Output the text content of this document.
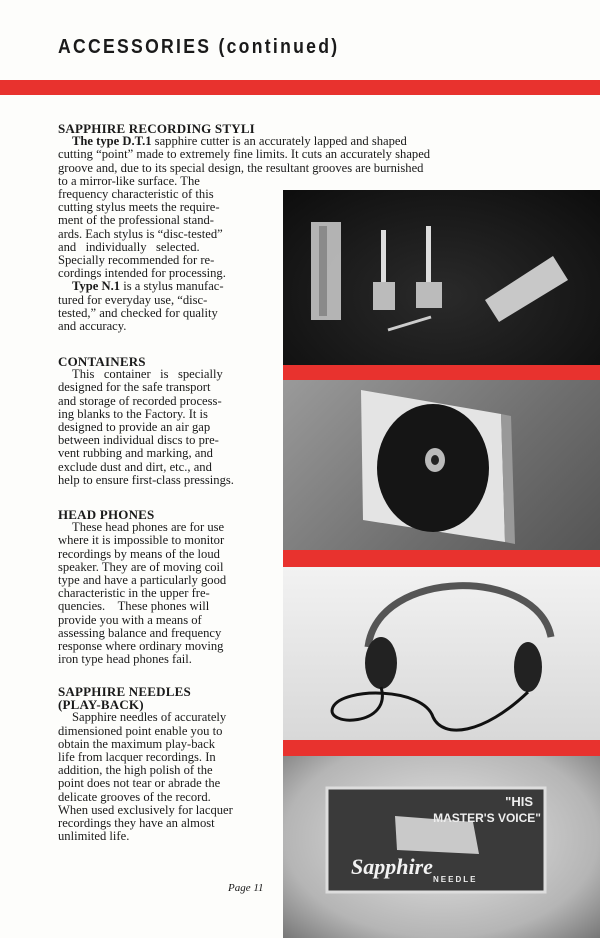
ACCESSORIES (continued)
SAPPHIRE RECORDING STYLI
The type D.T.1 sapphire cutter is an accurately lapped and shaped
cutting “point” made to extremely fine limits. It cuts an accurately shaped
groove and, due to its special design, the resultant grooves are burnished
to a mirror-like surface. The
frequency characteristic of this
cutting stylus meets the require-
ment of the professional stand-
ards. Each stylus is “disc-tested”
and   individually   selected.
Specially recommended for re-
cordings intended for processing.
Type N.1 is a stylus manufac-
tured for everyday use, “disc-
tested,” and checked for quality
and accuracy.
CONTAINERS
This   container   is   specially
designed for the safe transport
and storage of recorded process-
ing blanks to the Factory. It is
designed to provide an air gap
between individual discs to pre-
vent rubbing and marking, and
exclude dust and dirt, etc., and
help to ensure first-class pressings.
HEAD PHONES
These head phones are for use
where it is impossible to monitor
recordings by means of the loud
speaker. They are of moving coil
type and have a particularly good
characteristic in the upper fre-
quencies.    These phones will
provide you with a means of
assessing balance and frequency
response where ordinary moving
iron type head phones fail.
SAPPHIRE NEEDLES
(PLAY-BACK)
Sapphire needles of accurately
dimensioned point enable you to
obtain the maximum play-back
life from lacquer recordings. In
addition, the high polish of the
point does not tear or abrade the
delicate grooves of the record.
When used exclusively for lacquer
recordings they have an almost
unlimited life.
Page 11
"HIS
MASTER'S VOICE"
Sapphire
NEEDLE
